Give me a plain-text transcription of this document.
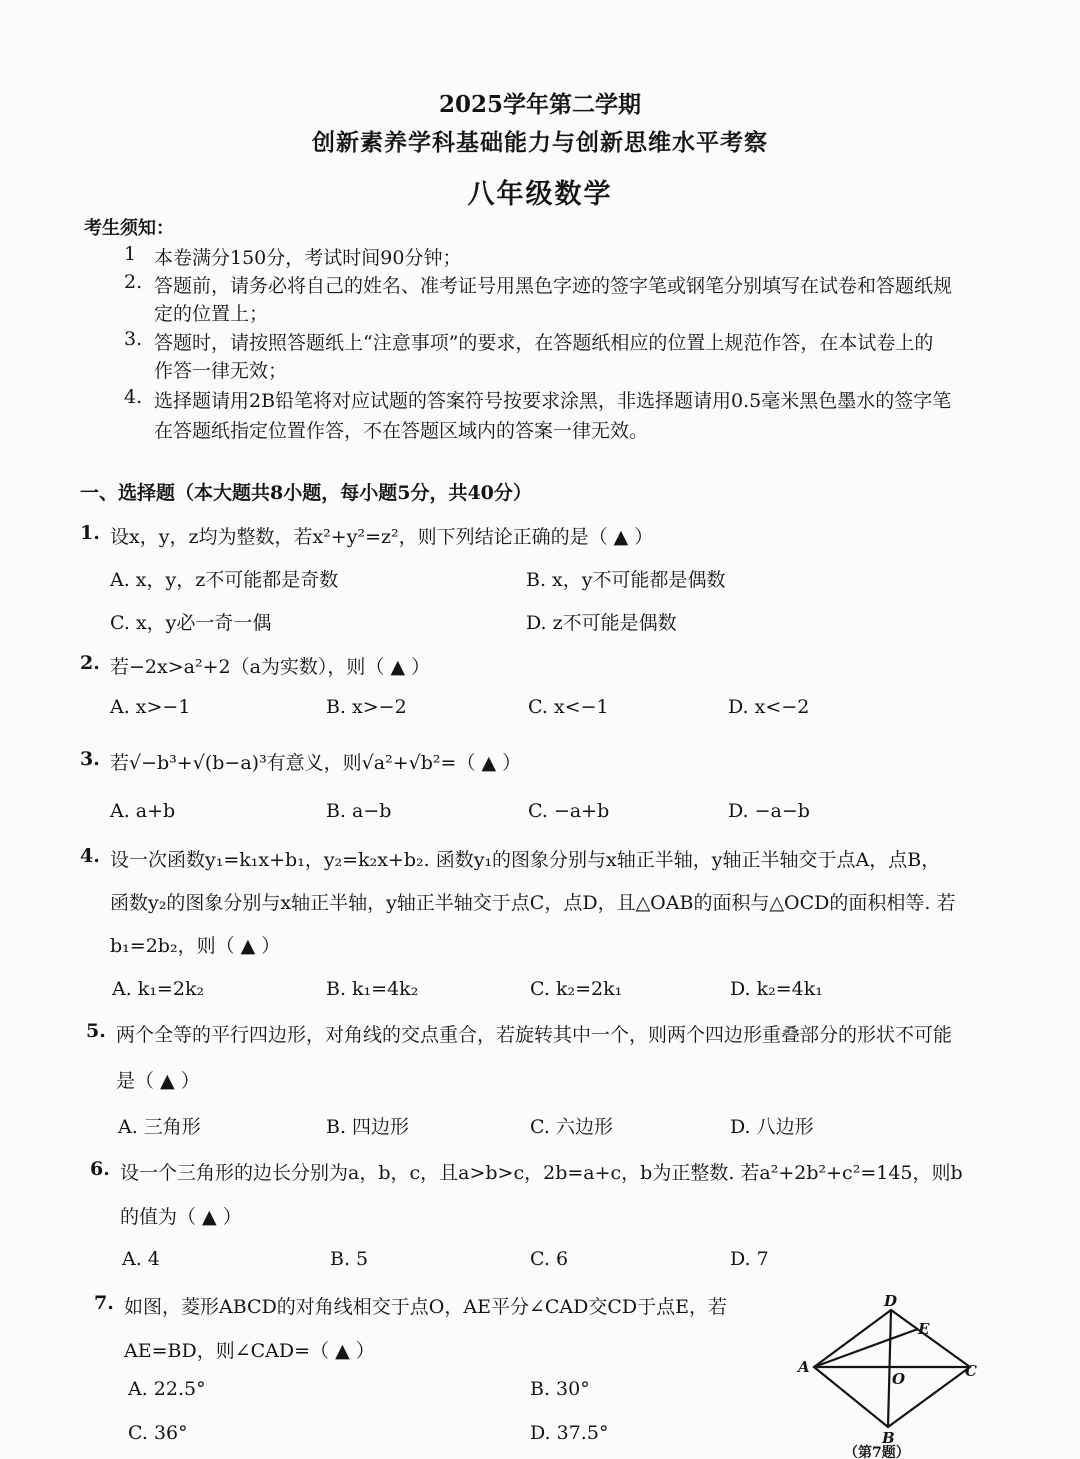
2025学年第二学期
创新素养学科基础能力与创新思维水平考察
八年级数学
考生须知：
1 本卷满分150分，考试时间90分钟；
2. 答题前，请务必将自己的姓名、准考证号用黑色字迹的签字笔或钢笔分别填写在试卷和答题纸规
定的位置上；
3. 答题时，请按照答题纸上“注意事项”的要求，在答题纸相应的位置上规范作答，在本试卷上的
作答一律无效；
4. 选择题请用2B铅笔将对应试题的答案符号按要求涂黑，非选择题请用0.5毫米黑色墨水的签字笔
在答题纸指定位置作答，不在答题区域内的答案一律无效。
一、选择题（本大题共8小题，每小题5分，共40分）
1. 设x，y，z均为整数，若x²+y²=z²，则下列结论正确的是（ ▲ ）
A. x，y，z不可能都是奇数	B. x，y不可能都是偶数
C. x，y必一奇一偶	D. z不可能是偶数
2. 若−2x>a²+2（a为实数），则（ ▲ ）
A. x>−1	B. x>−2	C. x<−1	D. x<−2
3. 若√−b³+√(b−a)³有意义，则√a²+√b²=（ ▲ ）
A. a+b	B. a−b	C. −a+b	D. −a−b
4. 设一次函数y₁=k₁x+b₁，y₂=k₂x+b₂. 函数y₁的图象分别与x轴正半轴，y轴正半轴交于点A，点B，
函数y₂的图象分别与x轴正半轴，y轴正半轴交于点C，点D，且△OAB的面积与△OCD的面积相等. 若
b₁=2b₂，则（ ▲ ）
A. k₁=2k₂	B. k₁=4k₂	C. k₂=2k₁	D. k₂=4k₁
5. 两个全等的平行四边形，对角线的交点重合，若旋转其中一个，则两个四边形重叠部分的形状不可能
是（ ▲ ）
A. 三角形	B. 四边形	C. 六边形	D. 八边形
6. 设一个三角形的边长分别为a，b，c，且a>b>c，2b=a+c，b为正整数. 若a²+2b²+c²=145，则b
的值为（ ▲ ）
A. 4	B. 5	C. 6	D. 7
7. 如图，菱形ABCD的对角线相交于点O，AE平分∠CAD交CD于点E，若
AE=BD，则∠CAD=（ ▲ ）
A. 22.5°	B. 30°
C. 36°	D. 37.5°
D
E
A
O	C
B
（第7题）
